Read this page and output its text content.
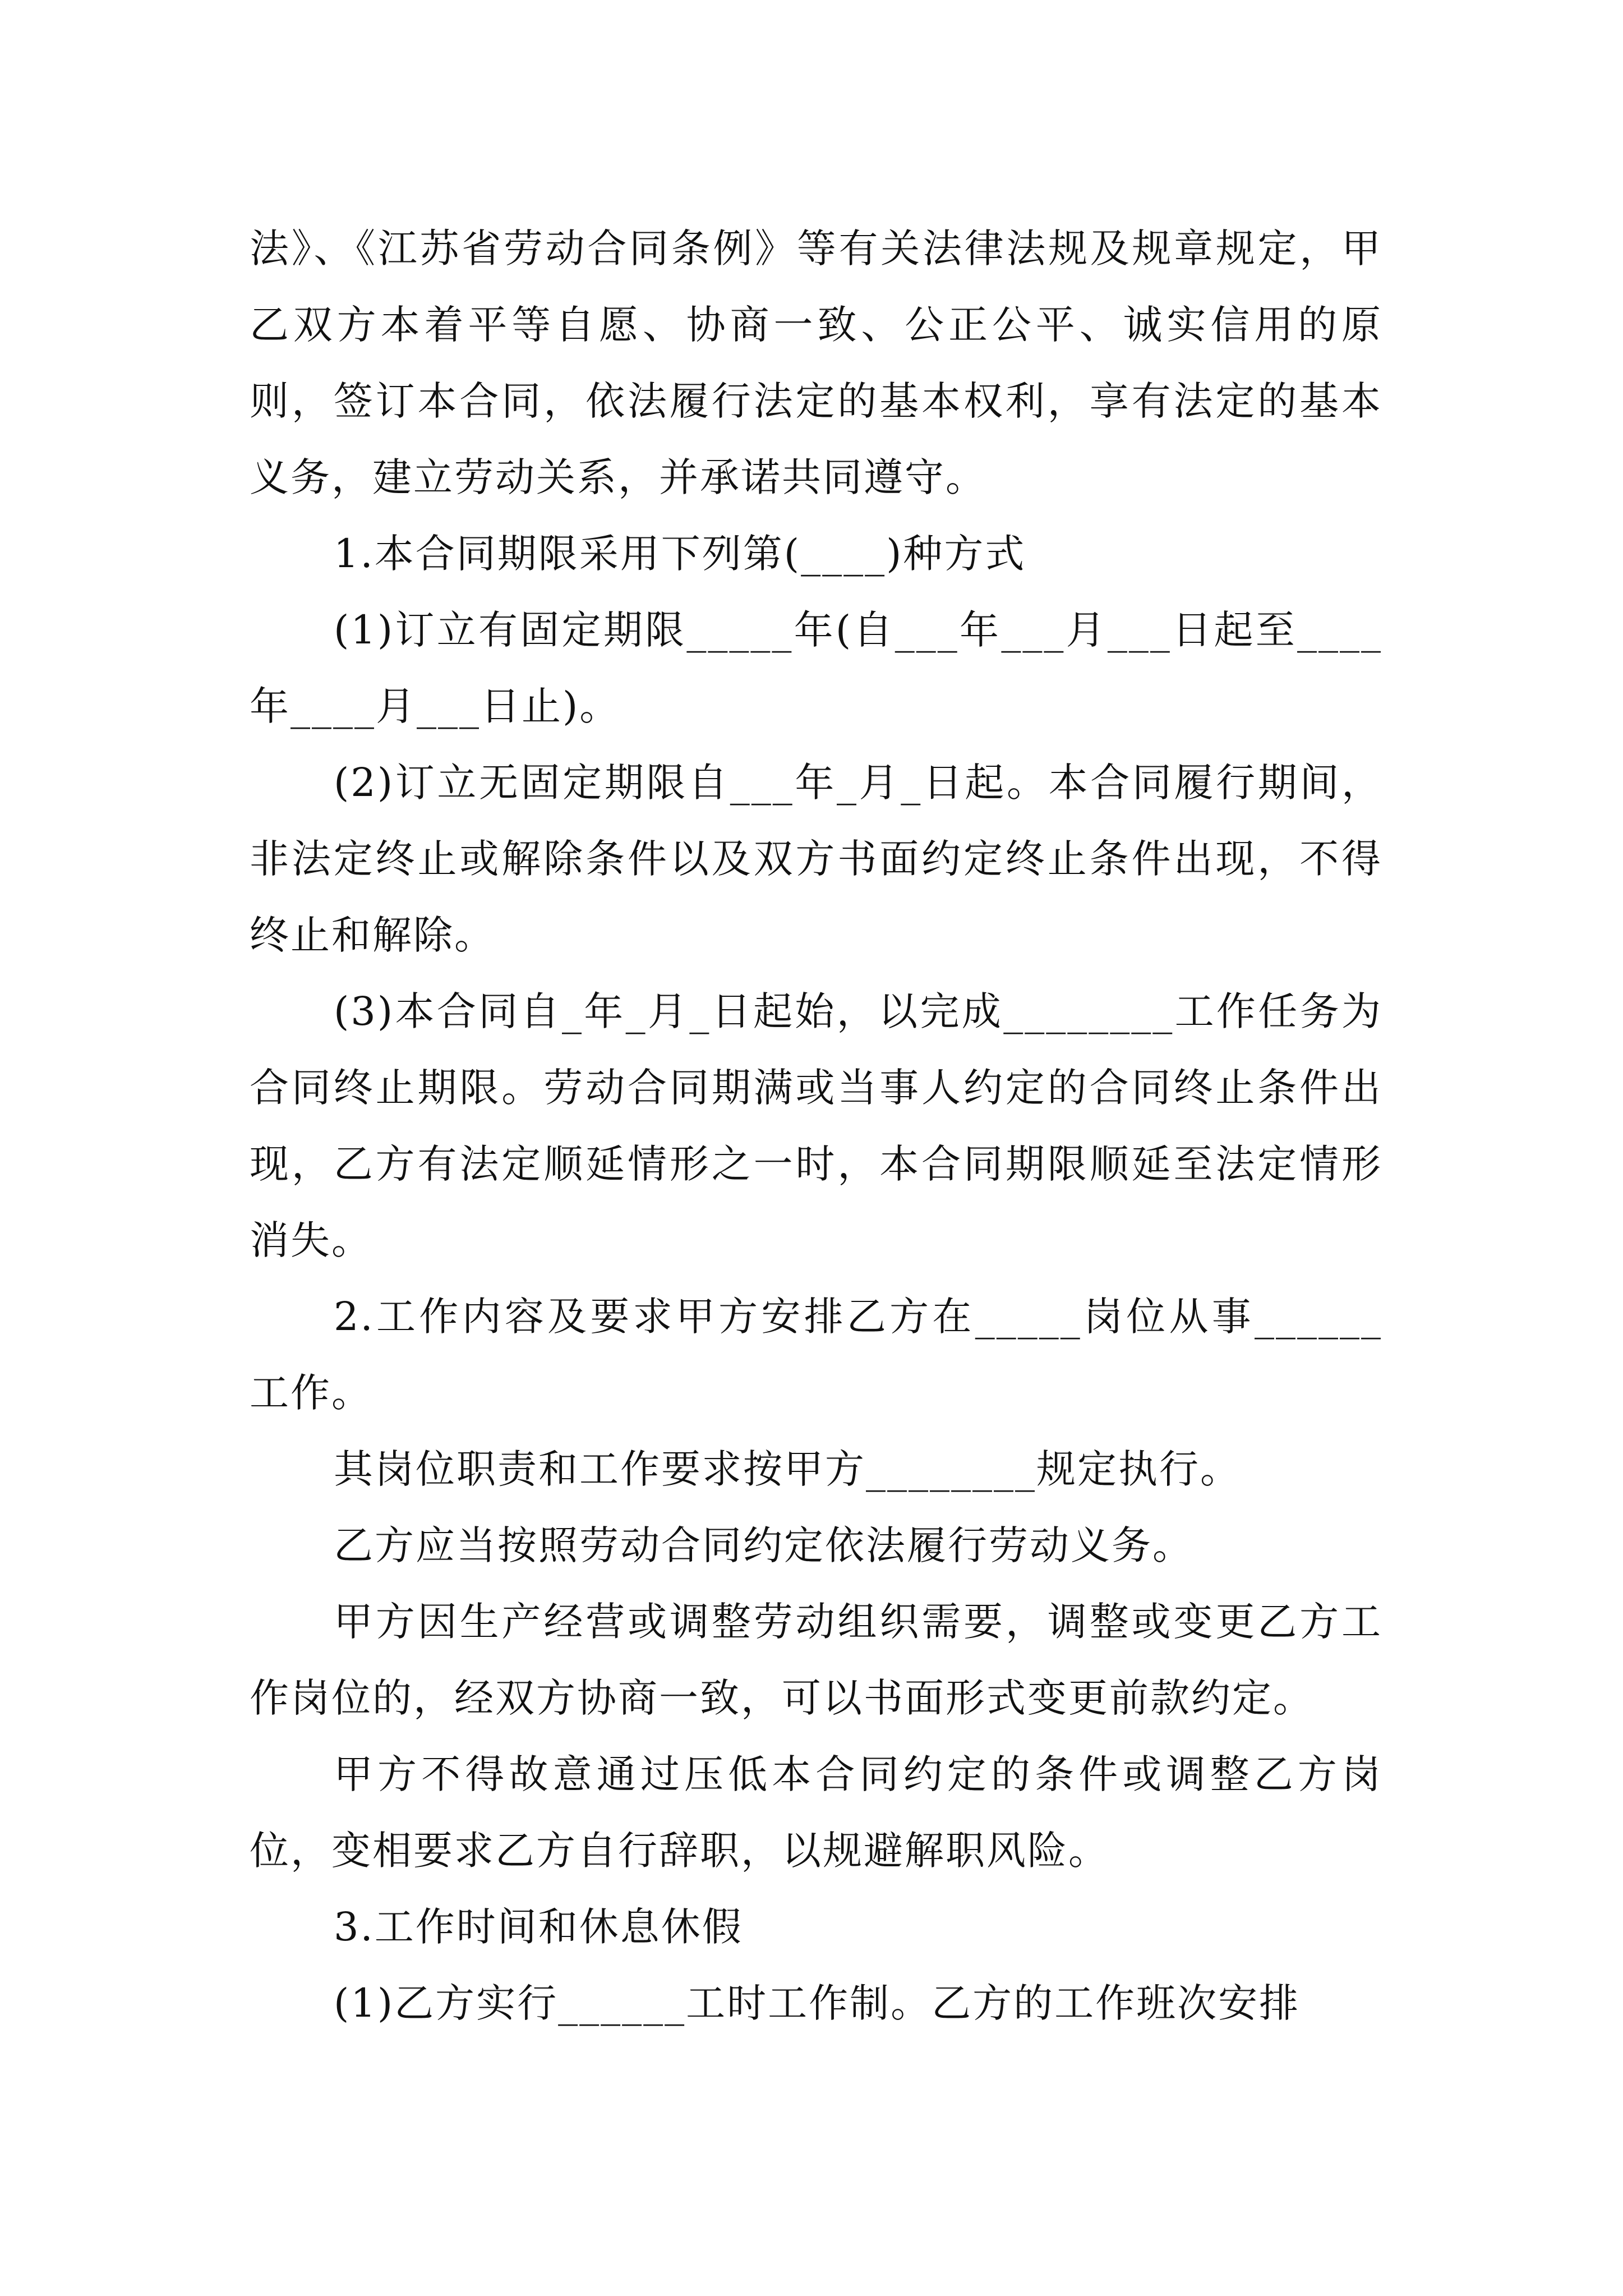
法》、《江苏省劳动合同条例》等有关法律法规及规章规定，甲乙双方本着平等自愿、协商一致、公正公平、诚实信用的原则，签订本合同，依法履行法定的基本权利，享有法定的基本义务，建立劳动关系，并承诺共同遵守。

1.本合同期限采用下列第(____)种方式

(1)订立有固定期限_____年(自___年___月___日起至____年____月___日止)。

(2)订立无固定期限自___年_月_日起。本合同履行期间，非法定终止或解除条件以及双方书面约定终止条件出现，不得终止和解除。

(3)本合同自_年_月_日起始，以完成________工作任务为合同终止期限。劳动合同期满或当事人约定的合同终止条件出现，乙方有法定顺延情形之一时，本合同期限顺延至法定情形消失。

2.工作内容及要求甲方安排乙方在_____岗位从事______工作。

其岗位职责和工作要求按甲方________规定执行。

乙方应当按照劳动合同约定依法履行劳动义务。

甲方因生产经营或调整劳动组织需要，调整或变更乙方工作岗位的，经双方协商一致，可以书面形式变更前款约定。

甲方不得故意通过压低本合同约定的条件或调整乙方岗位，变相要求乙方自行辞职，以规避解职风险。

3.工作时间和休息休假

(1)乙方实行______工时工作制。乙方的工作班次安排
